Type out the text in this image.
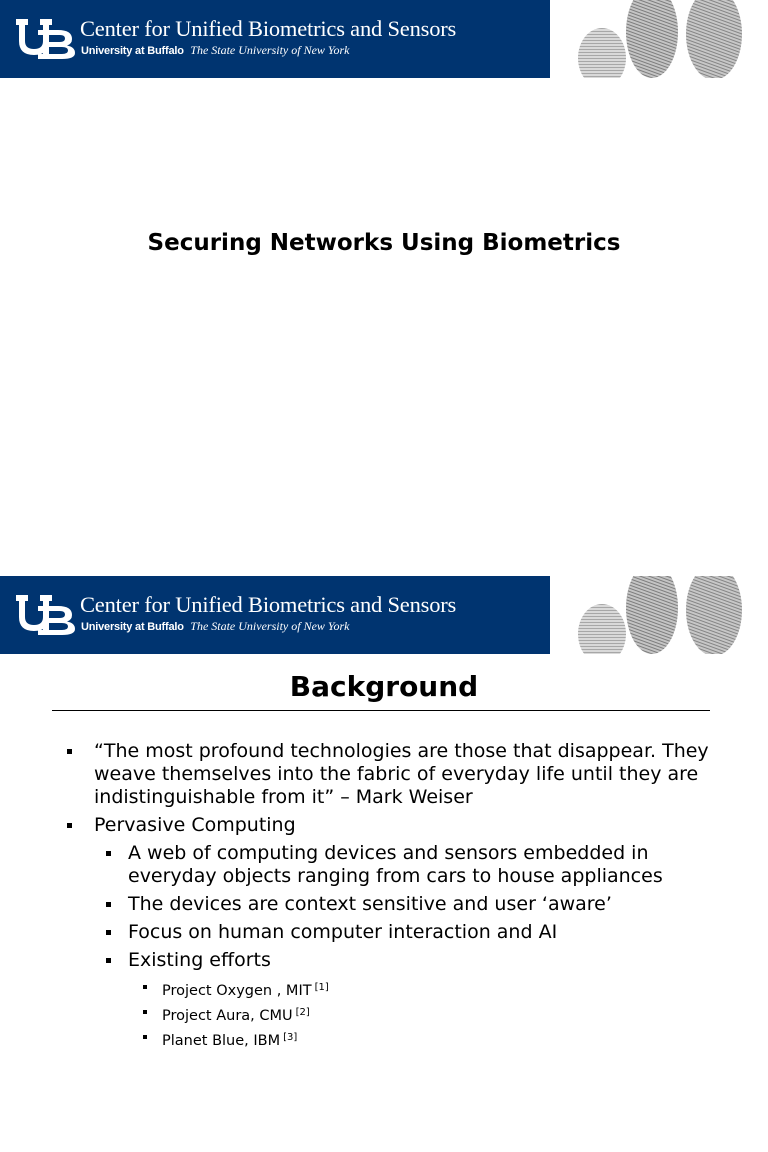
Center for Unified Biometrics and Sensors
University at Buffalo The State University of New York
Securing Networks Using Biometrics
Center for Unified Biometrics and Sensors
University at Buffalo The State University of New York
Background
“The most profound technologies are those that disappear. They weave themselves into the fabric of everyday life until they are indistinguishable from it” – Mark Weiser
Pervasive Computing
A web of computing devices and sensors embedded in everyday objects ranging from cars to house appliances
The devices are context sensitive and user ‘aware’
Focus on human computer interaction and AI
Existing efforts
Project Oxygen , MIT [1]
Project Aura, CMU [2]
Planet Blue, IBM [3]
